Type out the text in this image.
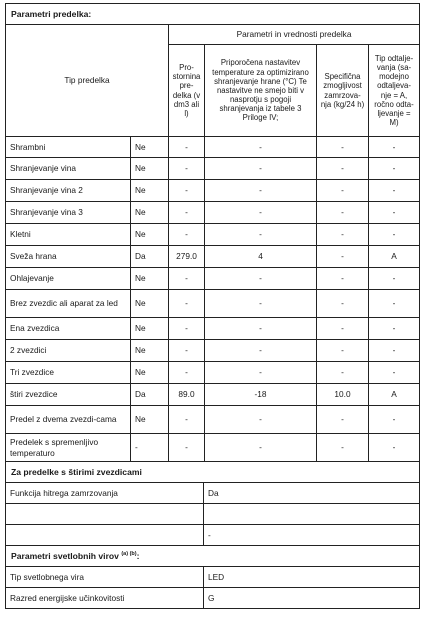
Parametri predelka:					
Tip predelka		Parametri in vrednosti predelka			
		Pro-stornina pre-delka (v dm3 ali l)	Priporočena nastavitev temperature za optimizirano shranjevanje hrane (°C) Te nastavitve ne smejo biti v nasprotju s pogoji shranjevanja iz tabele 3 Priloge IV;	Specifična zmogljivost zamrzova-nja (kg/24 h)	Tip odtalje-vanja (sa-modejno odtaljeva-nje = A, ročno odta-ljevanje = M)
Shrambni	Ne	-	-	-	-
Shranjevanje vina	Ne	-	-	-	-
Shranjevanje vina 2	Ne	-	-	-	-
Shranjevanje vina 3	Ne	-	-	-	-
Kletni	Ne	-	-	-	-
Sveža hrana	Da	279.0	4	-	A
Ohlajevanje	Ne	-	-	-	-
Brez zvezdic ali aparat za led	Ne	-	-	-	-
Ena zvezdica	Ne	-	-	-	-
2 zvezdici	Ne	-	-	-	-
Tri zvezdice	Ne	-	-	-	-
štiri zvezdice	Da	89.0	-18	10.0	A
Predel z dvema zvezdi-cama	Ne	-	-	-	-
Predelek s spremenljivo temperaturo	-	-	-	-	-
Za predelke s štirimi zvezdicami	
Funkcija hitrega zamrzovanja	Da

	-
Parametri svetlobnih virov $^{(a) (b)}$:	
Tip svetlobnega vira	LED
Razred energijske učinkovitosti	G
